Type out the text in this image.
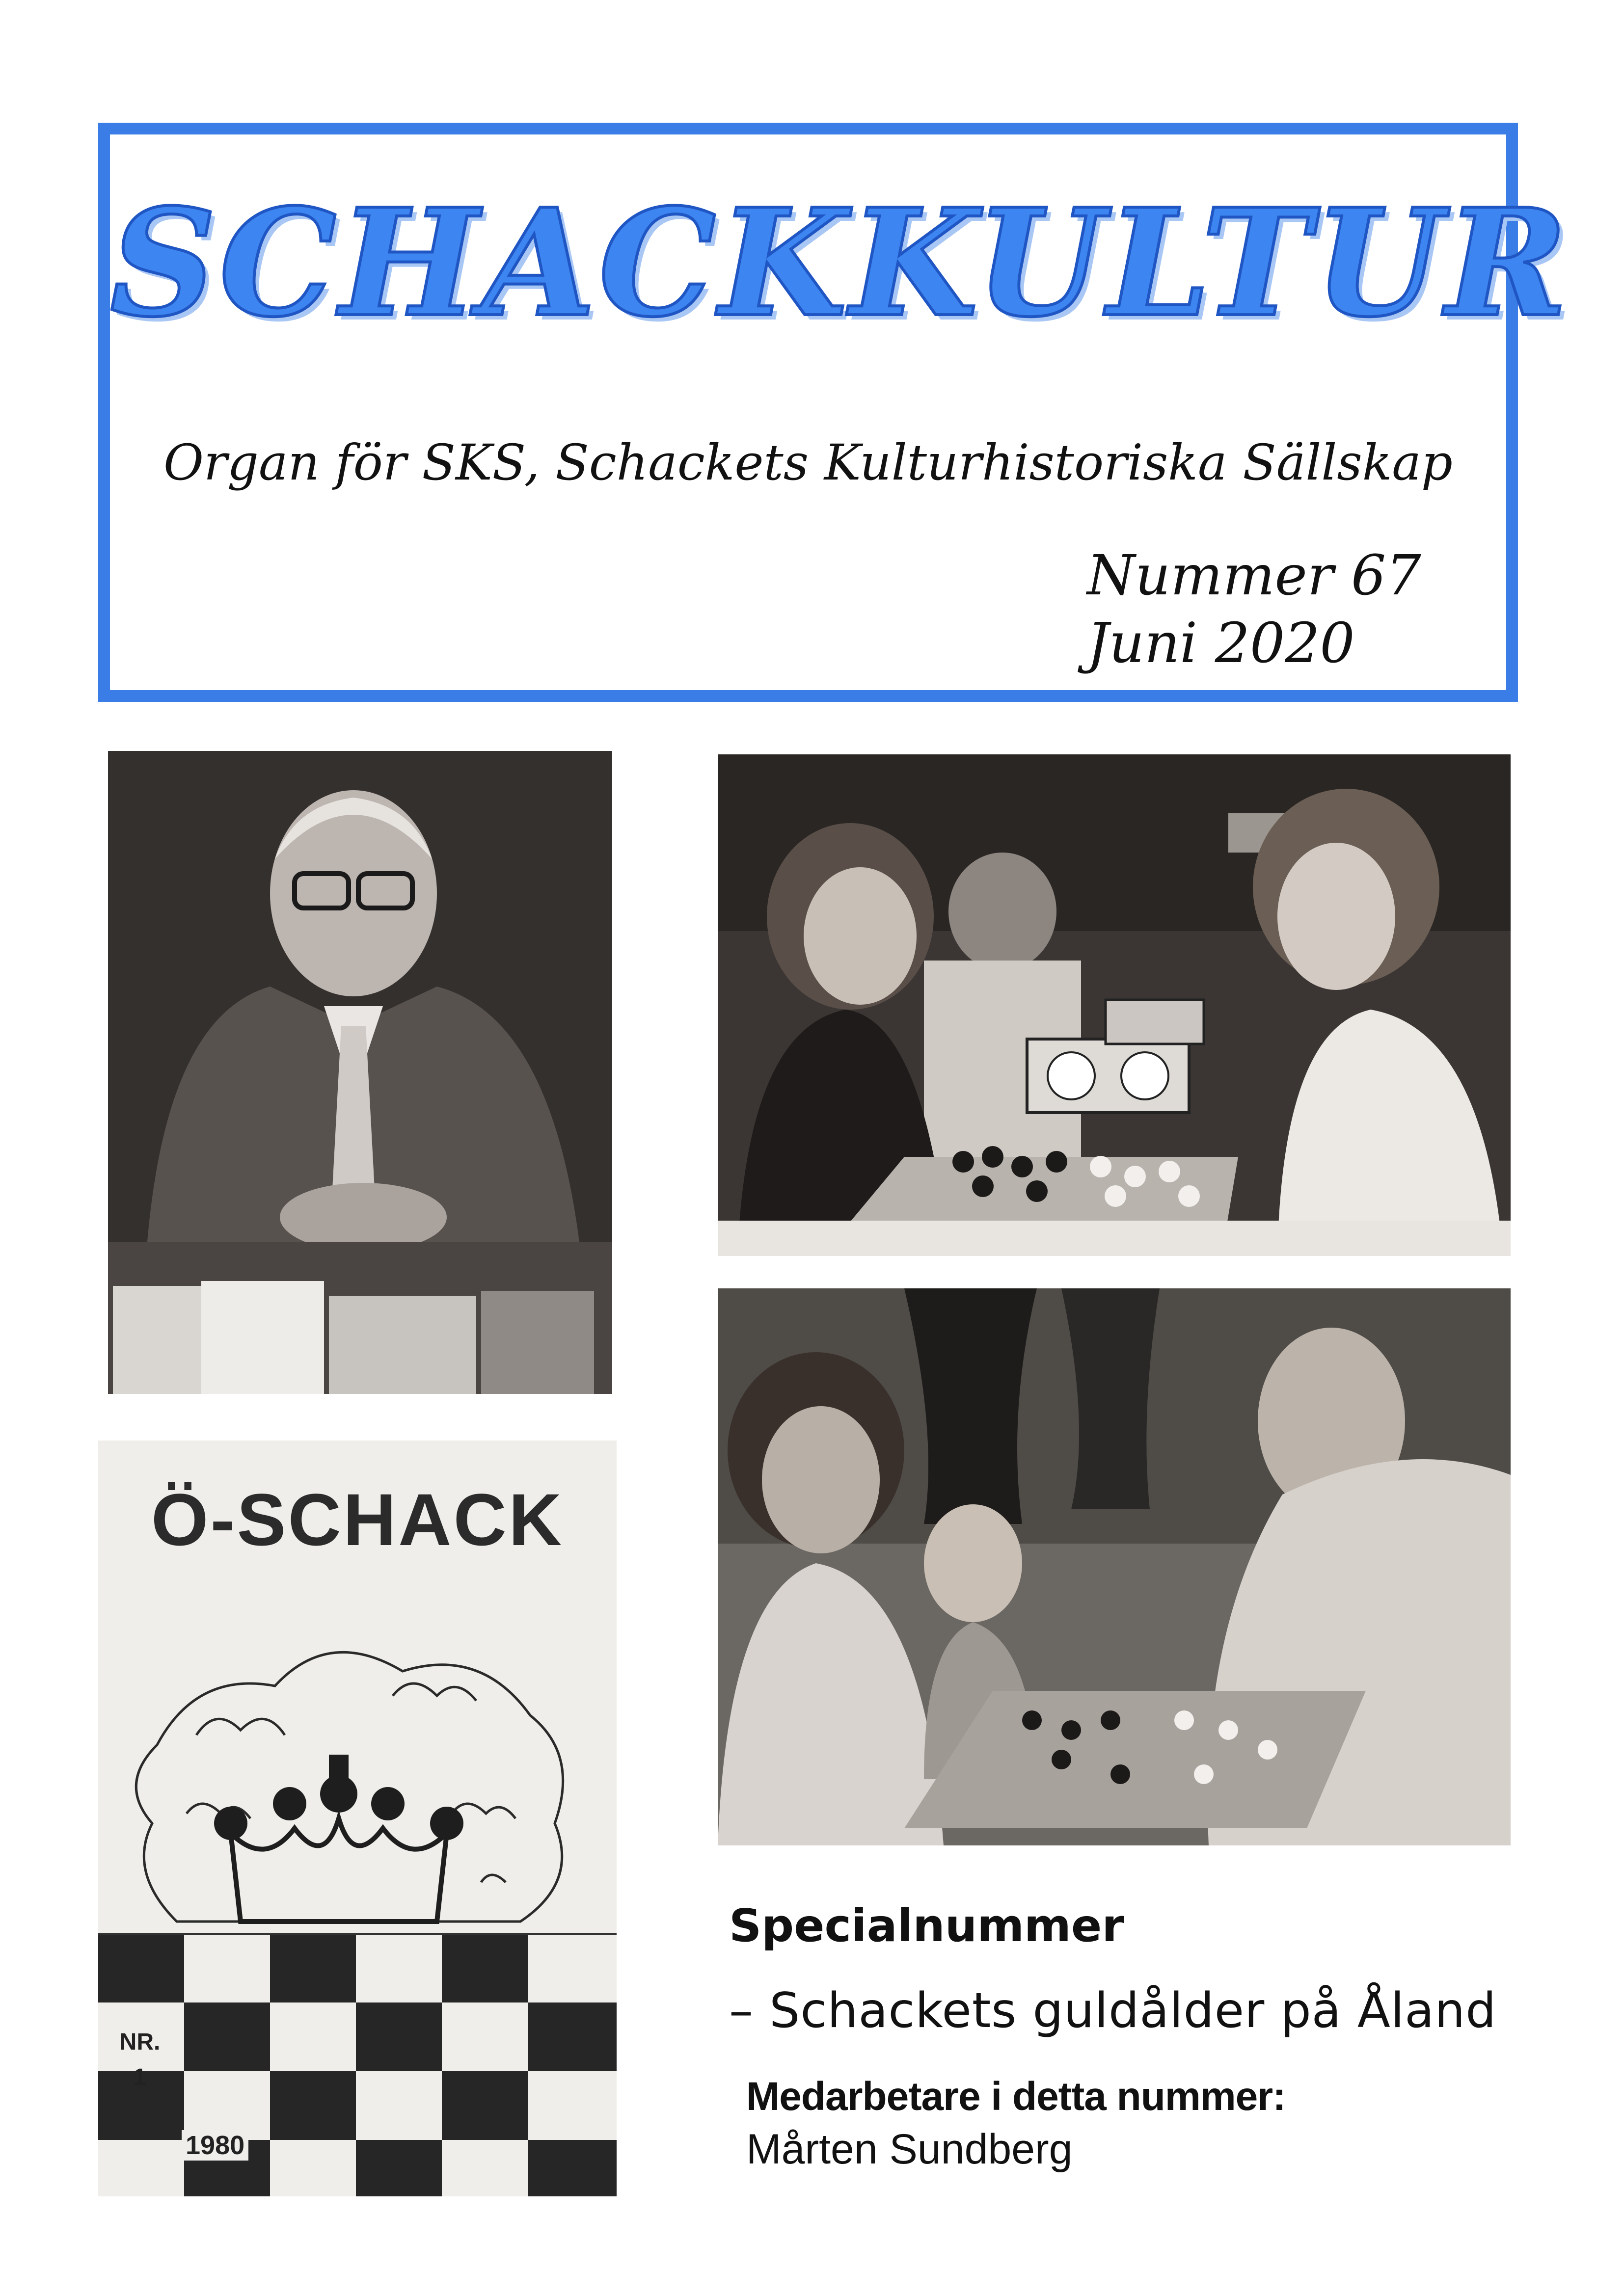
SCHACKKULTUR
Organ för SKS, Schackets Kulturhistoriska Sällskap
Nummer 67
Juni 2020
Ö-SCHACK
NR.
1
1980
Specialnummer
– Schackets guldålder på Åland
Medarbetare i detta nummer:
Mårten Sundberg
